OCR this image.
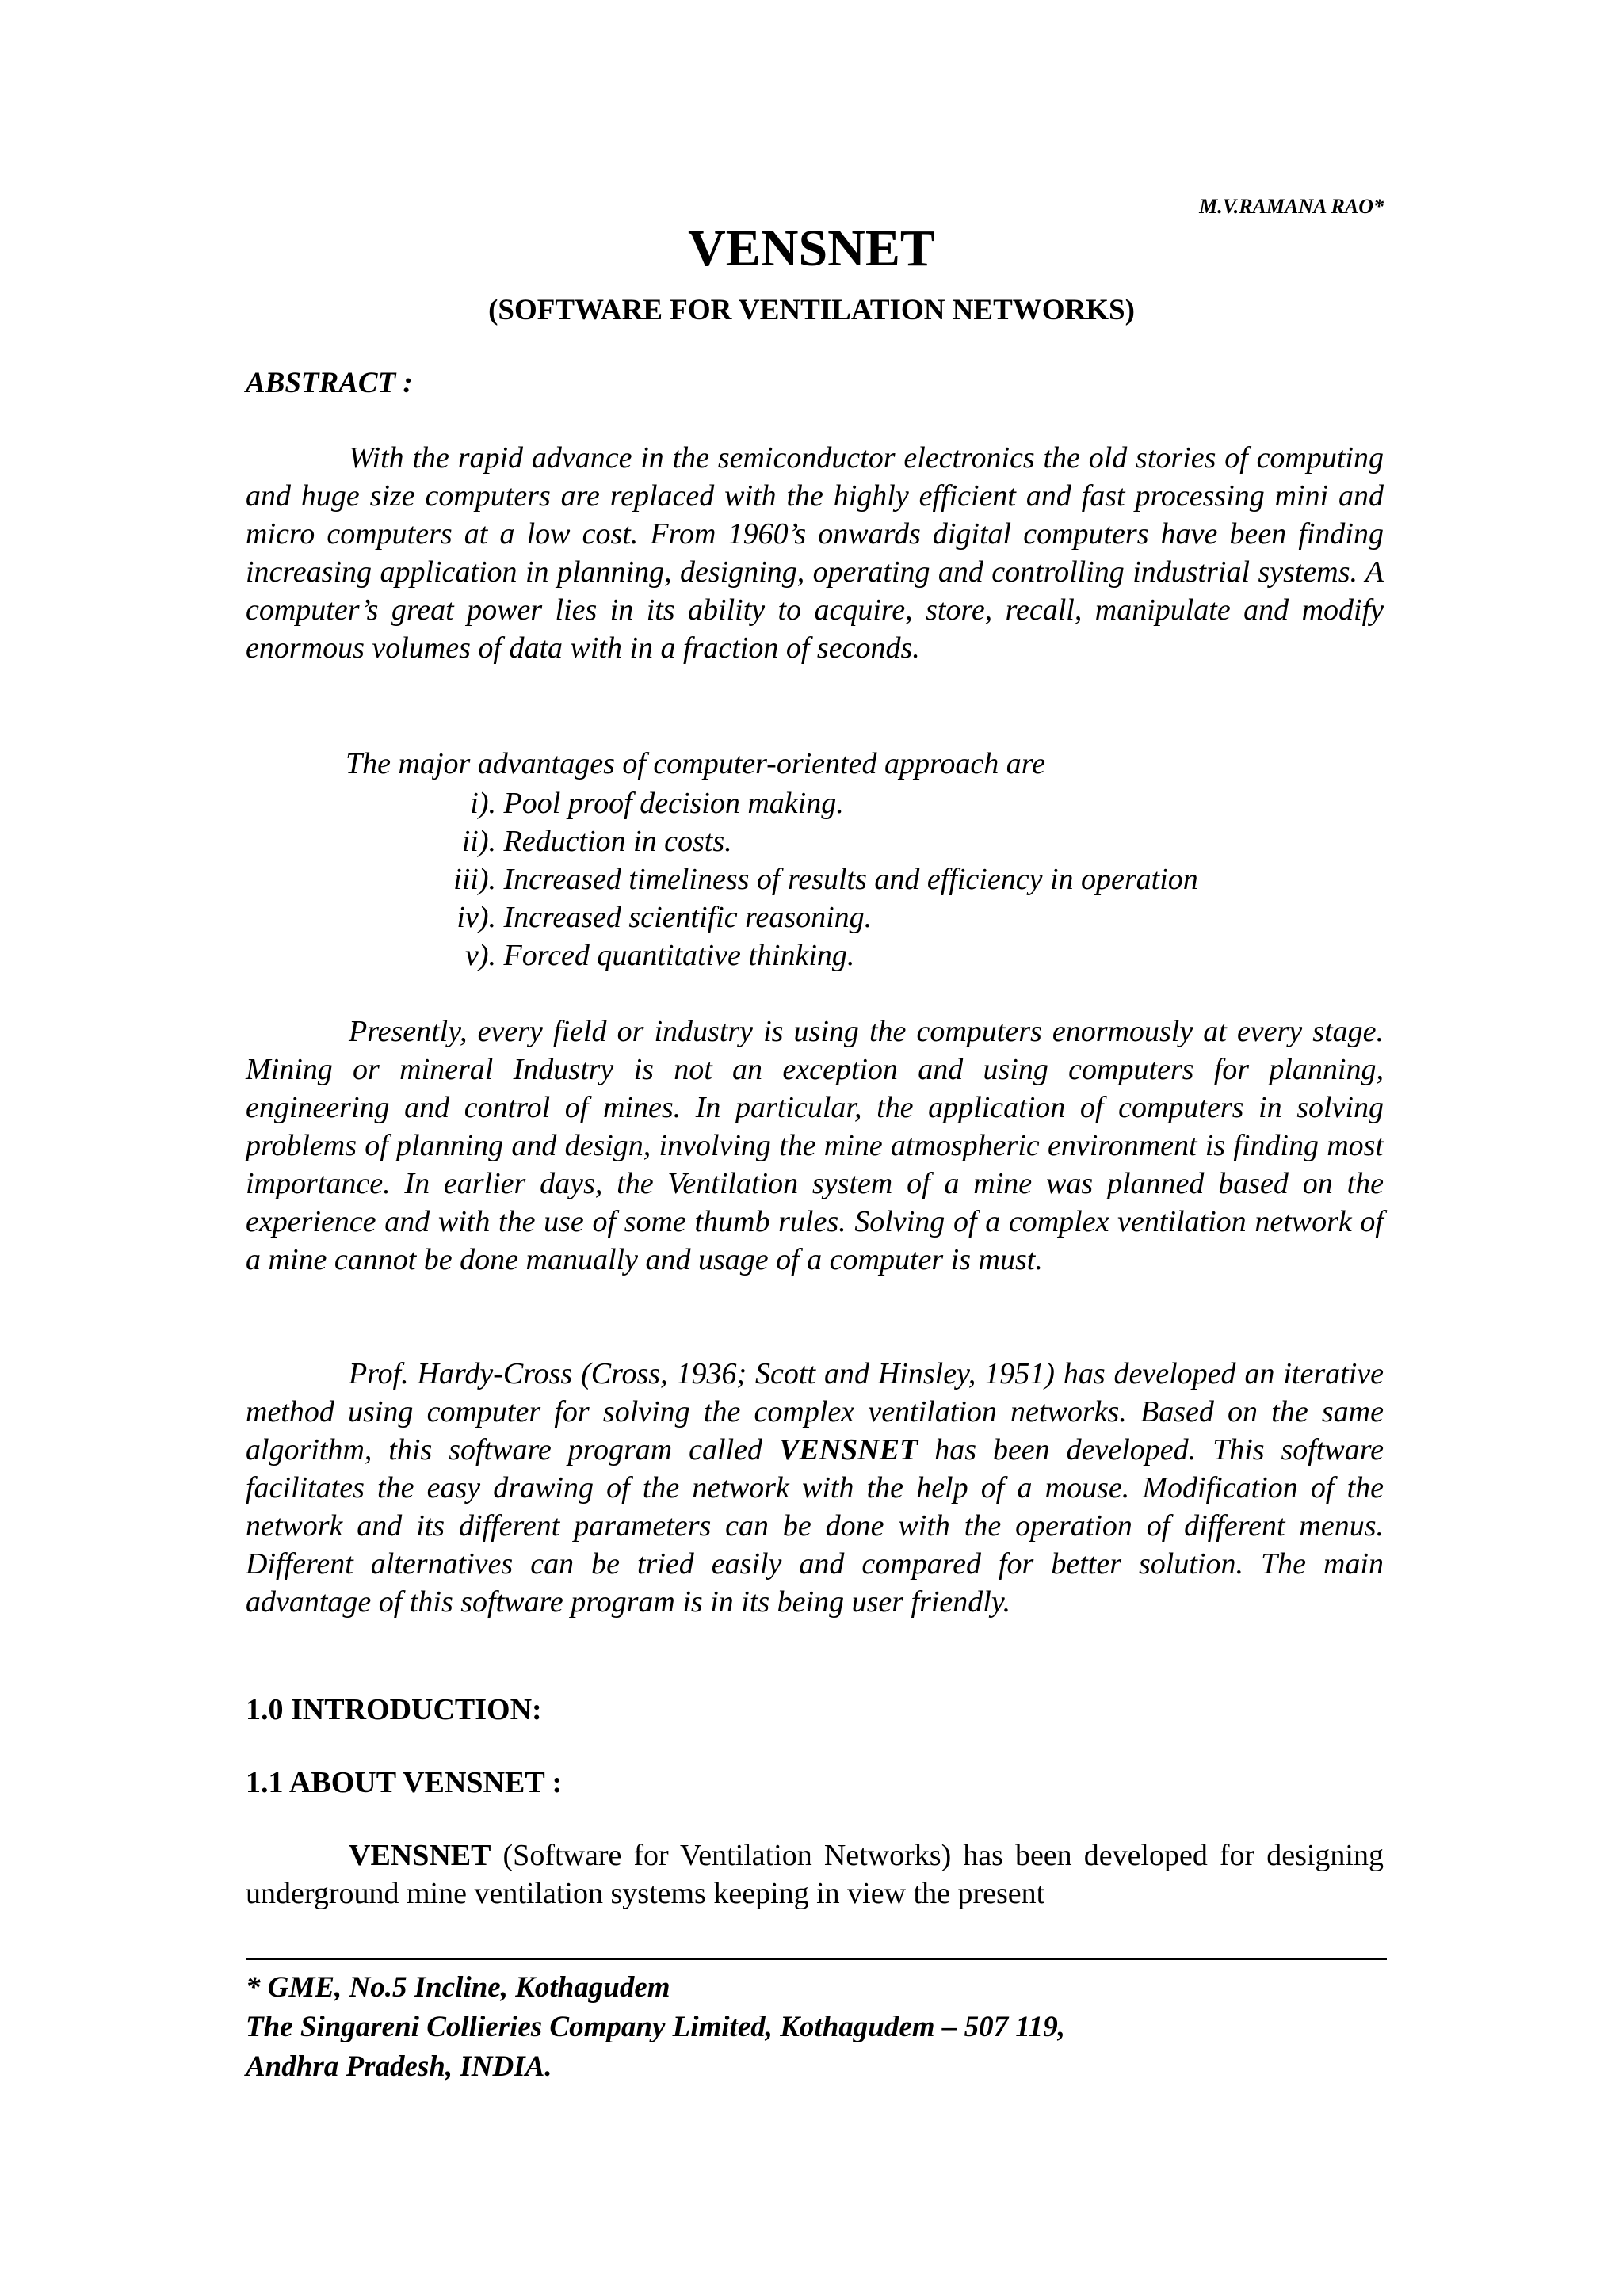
M.V.RAMANA RAO*
VENSNET
(SOFTWARE FOR VENTILATION NETWORKS)
ABSTRACT :

With the rapid advance in the semiconductor electronics the old stories of computing and huge size computers are replaced with the highly efficient and fast processing mini and micro computers at a low cost. From 1960’s onwards digital computers have been finding increasing application in planning, designing, operating and controlling industrial systems. A computer’s great power lies in its ability to acquire, store, recall, manipulate and modify enormous volumes of data with in a fraction of seconds.

The major advantages of computer-oriented approach are
i). Pool proof decision making.
ii). Reduction in costs.
iii). Increased timeliness of results and efficiency in operation
iv). Increased scientific reasoning.
v). Forced quantitative thinking.

Presently, every field or industry is using the computers enormously at every stage. Mining or mineral Industry is not an exception and using computers for planning, engineering and control of mines. In particular, the application of computers in solving problems of planning and design, involving the mine atmospheric environment is finding most importance. In earlier days, the Ventilation system of a mine was planned based on the experience and with the use of some thumb rules. Solving of a complex ventilation network of a mine cannot be done manually and usage of a computer is must.

Prof. Hardy-Cross (Cross, 1936; Scott and Hinsley, 1951) has developed an iterative method using computer for solving the complex ventilation networks. Based on the same algorithm, this software program called VENSNET has been developed. This software facilitates the easy drawing of the network with the help of a mouse. Modification of the network and its different parameters can be done with the operation of different menus. Different alternatives can be tried easily and compared for better solution. The main advantage of this software program is in its being user friendly.

1.0 INTRODUCTION:
1.1 ABOUT VENSNET :

VENSNET (Software for Ventilation Networks) has been developed for designing underground mine ventilation systems keeping in view the present

* GME, No.5 Incline, Kothagudem
The Singareni Collieries Company Limited, Kothagudem – 507 119,
Andhra Pradesh, INDIA.
